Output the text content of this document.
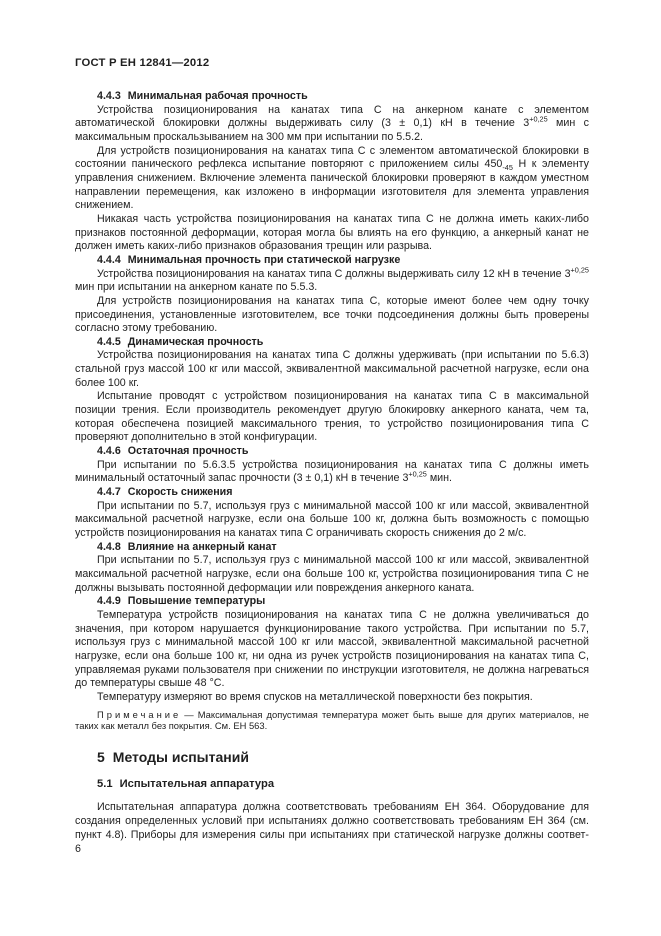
ГОСТ Р ЕН 12841—2012

4.4.3 Минимальная рабочая прочность

Устройства позиционирования на канатах типа С на анкерном канате с элементом автоматической блокировки должны выдерживать силу (3 ± 0,1) кН в течение $3^{+0,25}$ мин с максимальным проскальзыванием на 300 мм при испытании по 5.5.2.

Для устройств позиционирования на канатах типа С с элементом автоматической блокировки в состоянии панического рефлекса испытание повторяют с приложением силы $450_{-45}$ Н к элементу управления снижением. Включение элемента панической блокировки проверяют в каждом уместном направлении перемещения, как изложено в информации изготовителя для элемента управления снижением.

Никакая часть устройства позиционирования на канатах типа С не должна иметь каких-либо признаков постоянной деформации, которая могла бы влиять на его функцию, а анкерный канат не должен иметь каких-либо признаков образования трещин или разрыва.

4.4.4 Минимальная прочность при статической нагрузке

Устройства позиционирования на канатах типа С должны выдерживать силу 12 кН в течение $3^{+0,25}$ мин при испытании на анкерном канате по 5.5.3.

Для устройств позиционирования на канатах типа С, которые имеют более чем одну точку присоединения, установленные изготовителем, все точки подсоединения должны быть проверены согласно этому требованию.

4.4.5 Динамическая прочность

Устройства позиционирования на канатах типа С должны удерживать (при испытании по 5.6.3) стальной груз массой 100 кг или массой, эквивалентной максимальной расчетной нагрузке, если она более 100 кг.

Испытание проводят с устройством позиционирования на канатах типа С в максимальной позиции трения. Если производитель рекомендует другую блокировку анкерного каната, чем та, которая обеспечена позицией максимального трения, то устройство позиционирования типа С проверяют дополнительно в этой конфигурации.

4.4.6 Остаточная прочность

При испытании по 5.6.3.5 устройства позиционирования на канатах типа С должны иметь минимальный остаточный запас прочности (3 ± 0,1) кН в течение $3^{+0,25}$ мин.

4.4.7 Скорость снижения

При испытании по 5.7, используя груз с минимальной массой 100 кг или массой, эквивалентной максимальной расчетной нагрузке, если она больше 100 кг, должна быть возможность с помощью устройств позиционирования на канатах типа С ограничивать скорость снижения до 2 м/с.

4.4.8 Влияние на анкерный канат

При испытании по 5.7, используя груз с минимальной массой 100 кг или массой, эквивалентной максимальной расчетной нагрузке, если она больше 100 кг, устройства позиционирования типа С не должны вызывать постоянной деформации или повреждения анкерного каната.

4.4.9 Повышение температуры

Температура устройств позиционирования на канатах типа С не должна увеличиваться до значения, при котором нарушается функционирование такого устройства. При испытании по 5.7, используя груз с минимальной массой 100 кг или массой, эквивалентной максимальной расчетной нагрузке, если она больше 100 кг, ни одна из ручек устройств позиционирования на канатах типа С, управляемая руками пользователя при снижении по инструкции изготовителя, не должна нагреваться до температуры свыше 48 °С.

Температуру измеряют во время спусков на металлической поверхности без покрытия.

Примечание — Максимальная допустимая температура может быть выше для других материалов, не таких как металл без покрытия. См. ЕН 563.

5 Методы испытаний

5.1 Испытательная аппаратура

Испытательная аппаратура должна соответствовать требованиям ЕН 364. Оборудование для создания определенных условий при испытаниях должно соответствовать требованиям ЕН 364 (см. пункт 4.8). Приборы для измерения силы при испытаниях при статической нагрузке должны соответ-

6
